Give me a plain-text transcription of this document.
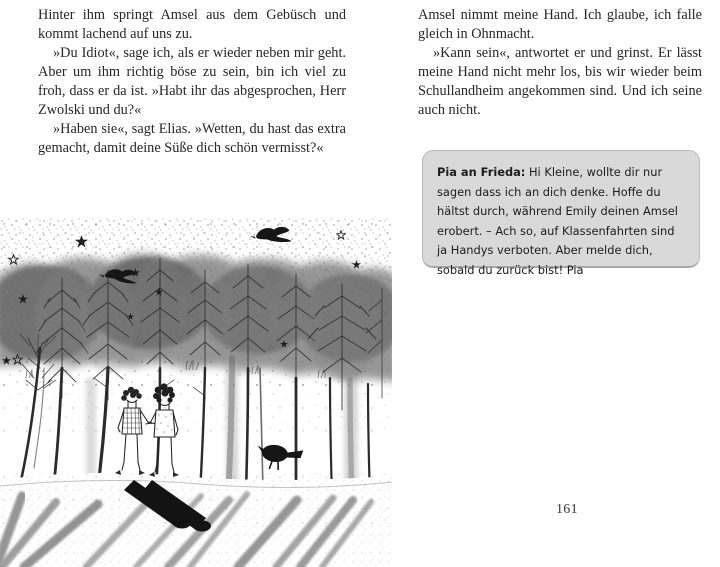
Hinter ihm springt Amsel aus dem Gebüsch und kommt lachend auf uns zu.

»Du Idiot«, sage ich, als er wieder neben mir geht. Aber um ihm richtig böse zu sein, bin ich viel zu froh, dass er da ist. »Habt ihr das abgesprochen, Herr Zwolski und du?«

»Haben sie«, sagt Elias. »Wetten, du hast das extra gemacht, damit deine Süße dich schön vermisst?«

Amsel nimmt meine Hand. Ich glaube, ich falle gleich in Ohnmacht.

»Kann sein«, antwortet er und grinst. Er lässt meine Hand nicht mehr los, bis wir wieder beim Schullandheim angekommen sind. Und ich seine auch nicht.

Pia an Frieda: Hi Kleine, wollte dir nur sagen dass ich an dich denke. Hoffe du hältst durch, während Emily deinen Amsel erobert. – Ach so, auf Klassenfahrten sind ja Handys verboten. Aber melde dich, sobald du zurück bist! Pia
161
